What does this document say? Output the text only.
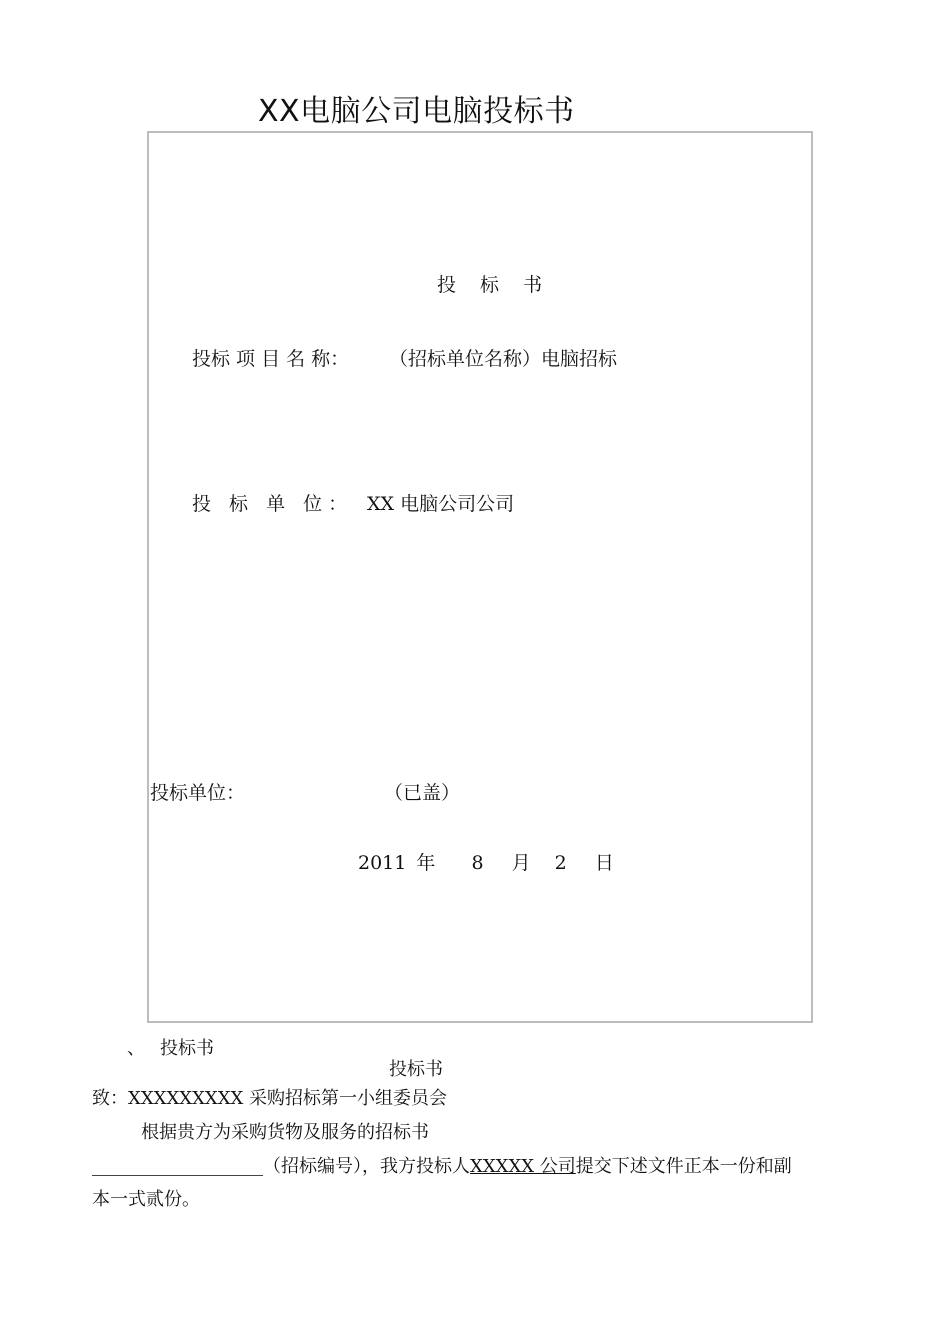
XX电脑公司电脑投标书
投 标 书
投标 项 目 名 称： （招标单位名称）电脑招标
投 标 单 位： XX 电脑公司公司
投标单位：	（已盖）
2011 年 8 月 2 日
、 投标书
投标书
致：XXXXXXXXX 采购招标第一小组委员会
根据贵方为采购货物及服务的招标书
（招标编号），我方投标人XXXXX 公司提交下述文件正本一份和副
本一式贰份。
